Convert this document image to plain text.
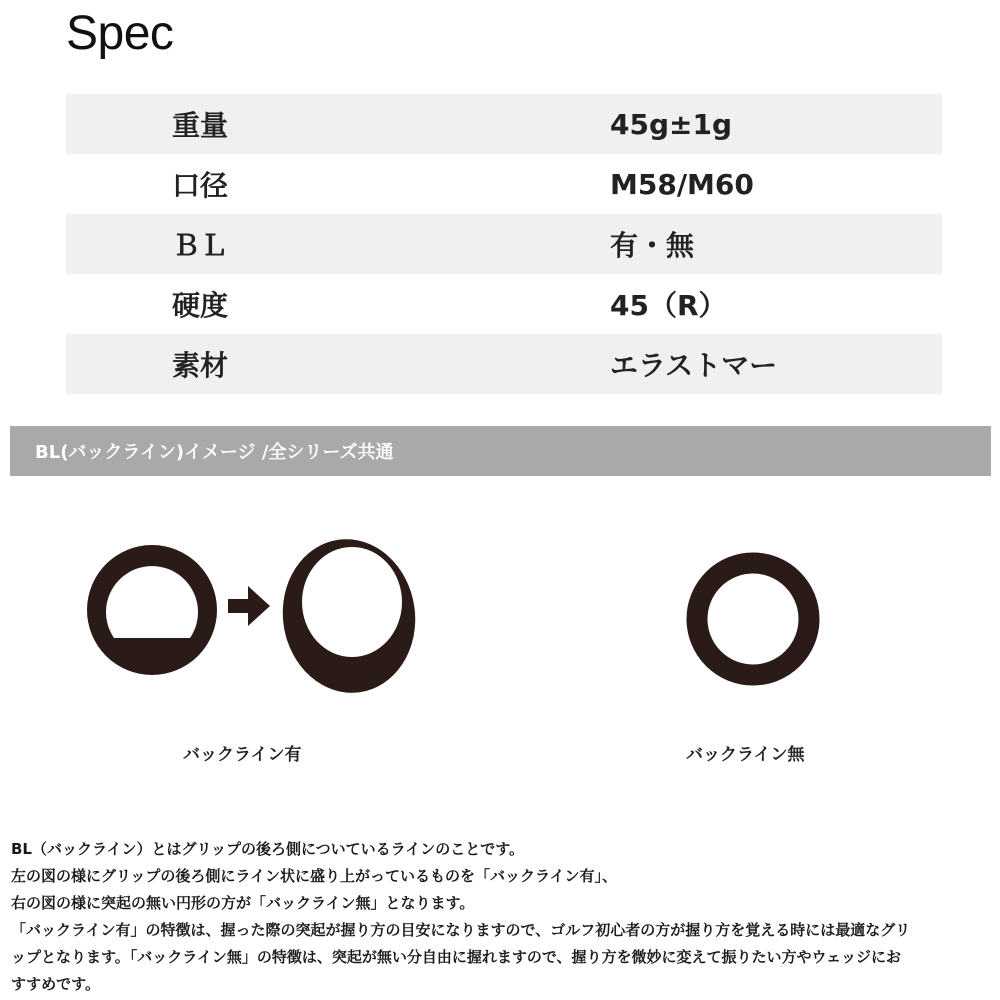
Spec
重量	45g±1g
口径	M58/M60
ＢＬ	有・無
硬度	45（R）
素材	エラストマー
BL(バックライン)イメージ /全シリーズ共通
バックライン有	バックライン無

BL（バックライン）とはグリップの後ろ側についているラインのことです。

左の図の様にグリップの後ろ側にライン状に盛り上がっているものを「バックライン有」、

右の図の様に突起の無い円形の方が「バックライン無」となります。

「バックライン有」の特徴は、握った際の突起が握り方の目安になりますので、ゴルフ初心者の方が握り方を覚える時には最適なグリ

ップとなります。「バックライン無」の特徴は、突起が無い分自由に握れますので、握り方を微妙に変えて振りたい方やウェッジにお

すすめです。
